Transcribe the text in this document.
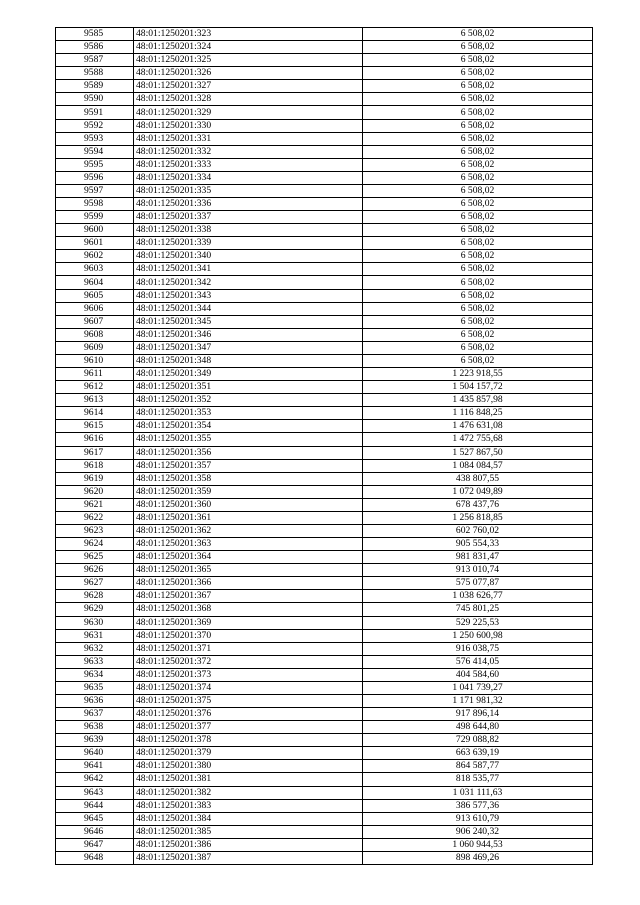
9585	48:01:1250201:323	6 508,02
9586	48:01:1250201:324	6 508,02
9587	48:01:1250201:325	6 508,02
9588	48:01:1250201:326	6 508,02
9589	48:01:1250201:327	6 508,02
9590	48:01:1250201:328	6 508,02
9591	48:01:1250201:329	6 508,02
9592	48:01:1250201:330	6 508,02
9593	48:01:1250201:331	6 508,02
9594	48:01:1250201:332	6 508,02
9595	48:01:1250201:333	6 508,02
9596	48:01:1250201:334	6 508,02
9597	48:01:1250201:335	6 508,02
9598	48:01:1250201:336	6 508,02
9599	48:01:1250201:337	6 508,02
9600	48:01:1250201:338	6 508,02
9601	48:01:1250201:339	6 508,02
9602	48:01:1250201:340	6 508,02
9603	48:01:1250201:341	6 508,02
9604	48:01:1250201:342	6 508,02
9605	48:01:1250201:343	6 508,02
9606	48:01:1250201:344	6 508,02
9607	48:01:1250201:345	6 508,02
9608	48:01:1250201:346	6 508,02
9609	48:01:1250201:347	6 508,02
9610	48:01:1250201:348	6 508,02
9611	48:01:1250201:349	1 223 918,55
9612	48:01:1250201:351	1 504 157,72
9613	48:01:1250201:352	1 435 857,98
9614	48:01:1250201:353	1 116 848,25
9615	48:01:1250201:354	1 476 631,08
9616	48:01:1250201:355	1 472 755,68
9617	48:01:1250201:356	1 527 867,50
9618	48:01:1250201:357	1 084 084,57
9619	48:01:1250201:358	438 807,55
9620	48:01:1250201:359	1 072 049,89
9621	48:01:1250201:360	678 437,76
9622	48:01:1250201:361	1 256 818,85
9623	48:01:1250201:362	602 760,02
9624	48:01:1250201:363	905 554,33
9625	48:01:1250201:364	981 831,47
9626	48:01:1250201:365	913 010,74
9627	48:01:1250201:366	575 077,87
9628	48:01:1250201:367	1 038 626,77
9629	48:01:1250201:368	745 801,25
9630	48:01:1250201:369	529 225,53
9631	48:01:1250201:370	1 250 600,98
9632	48:01:1250201:371	916 038,75
9633	48:01:1250201:372	576 414,05
9634	48:01:1250201:373	404 584,60
9635	48:01:1250201:374	1 041 739,27
9636	48:01:1250201:375	1 171 981,32
9637	48:01:1250201:376	917 896,14
9638	48:01:1250201:377	498 644,80
9639	48:01:1250201:378	729 088,82
9640	48:01:1250201:379	663 639,19
9641	48:01:1250201:380	864 587,77
9642	48:01:1250201:381	818 535,77
9643	48:01:1250201:382	1 031 111,63
9644	48:01:1250201:383	386 577,36
9645	48:01:1250201:384	913 610,79
9646	48:01:1250201:385	906 240,32
9647	48:01:1250201:386	1 060 944,53
9648	48:01:1250201:387	898 469,26
